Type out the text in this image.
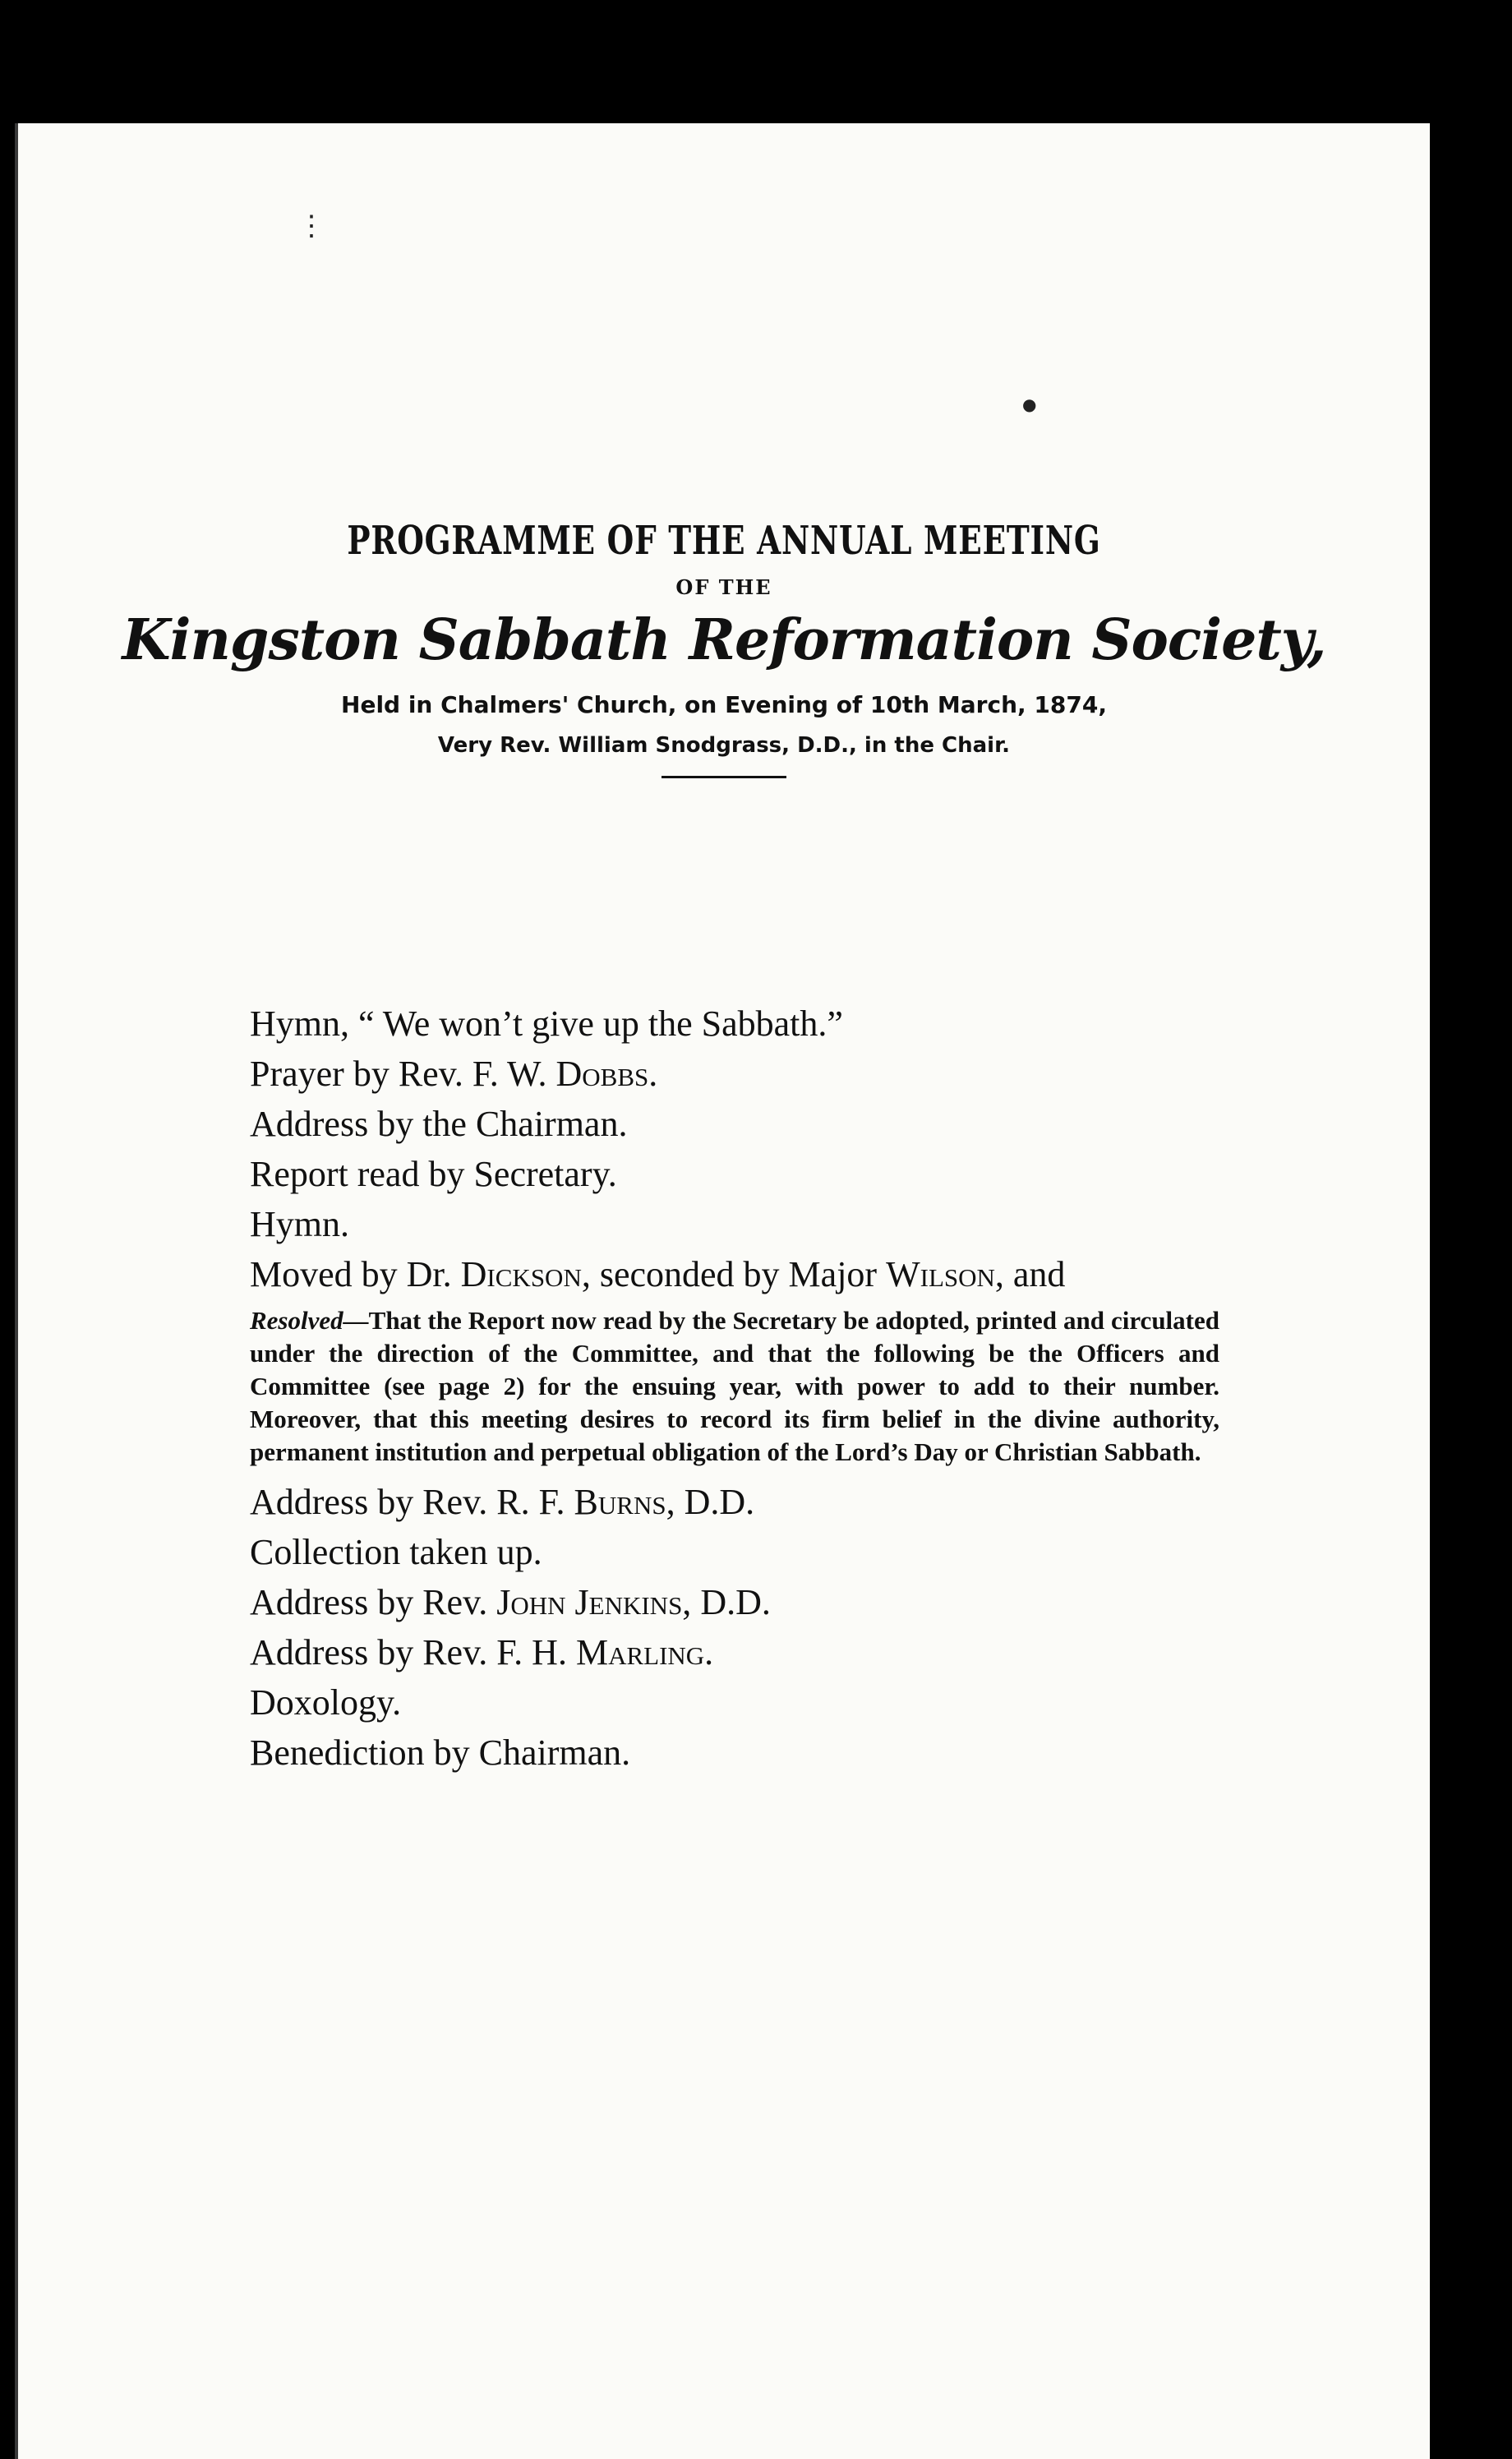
⋮
●
PROGRAMME OF THE ANNUAL MEETING
OF THE
Kingston Sabbath Reformation Society,
Held in Chalmers' Church, on Evening of 10th March, 1874,
Very Rev. William Snodgrass, D.D., in the Chair.
Hymn, “ We won’t give up the Sabbath.”
Prayer by Rev. F. W. Dobbs.
Address by the Chairman.
Report read by Secretary.
Hymn.
Moved by Dr. Dickson, seconded by Major Wilson, and
Resolved—That the Report now read by the Secretary be adopted, printed and circulated under the direction of the Committee, and that the following be the Officers and Committee (see page 2) for the ensuing year, with power to add to their number. Moreover, that this meeting desires to record its firm belief in the divine authority, permanent institution and perpetual obligation of the Lord’s Day or Christian Sabbath.
Address by Rev. R. F. Burns, D.D.
Collection taken up.
Address by Rev. John Jenkins, D.D.
Address by Rev. F. H. Marling.
Doxology.
Benediction by Chairman.
